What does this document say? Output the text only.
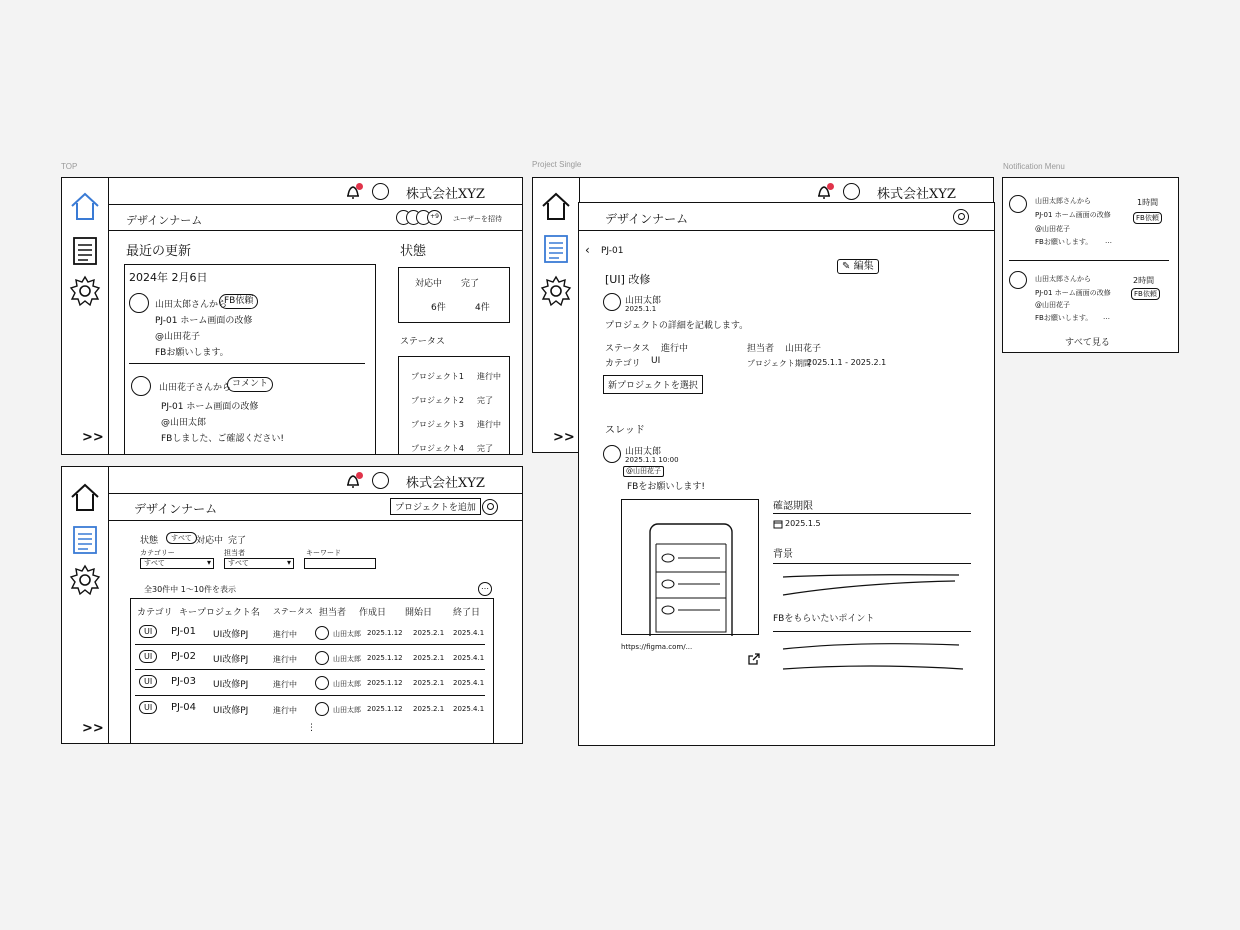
TOP	Project Single	Notification Menu
>>
株式会社XYZ
デザインナーム	+9	ユーザーを招待
最近の更新
2024年 2月6日
山田太郎さんから
FB依頼
PJ-01 ホーム画面の改修
@山田花子
FBお願いします。
山田花子さんから コメント
PJ-01 ホーム画面の改修
@山田太郎
FBしました、ご確認ください!
状態
対応中 完了
6件	4件
ステータス
プロジェクト1 進行中
プロジェクト2 完了
プロジェクト3 進行中
プロジェクト4 完了
>>
株式会社XYZ
デザインナーム	プロジェクトを追加
状態	すべて 対応中 完了
カテゴリー
すべて ▾
担当者
すべて ▾
キーワード
全30件中 1〜10件を表示	…
カテゴリ キー プロジェクト名 ステータス 担当者 作成日 開始日 終了日
UI	PJ-01 UI改修PJ	進行中	山田太郎 2025.1.12 2025.2.1 2025.4.1
UI	PJ-02 UI改修PJ	進行中	山田太郎 2025.1.12 2025.2.1 2025.4.1
UI	PJ-03 UI改修PJ	進行中	山田太郎 2025.1.12 2025.2.1 2025.4.1
UI	PJ-04 UI改修PJ	進行中	山田太郎 2025.1.12 2025.2.1 2025.4.1
⋮
>>
株式会社XYZ
デザインナーム
‹ PJ-01
✎ 編集
[UI] 改修
山田太郎
2025.1.1
プロジェクトの詳細を記載します。
ステータス 進行中
カテゴリ UI
担当者 山田花子
プロジェクト期間
2025.1.1 - 2025.2.1
新プロジェクトを選択
スレッド
山田太郎
2025.1.1 10:00
@山田花子
FBをお願いします!
https://figma.com/...
確認期限
2025.1.5
背景
FBをもらいたいポイント
山田太郎さんから	1時間
FB依頼
PJ-01 ホーム画面の改修
@山田花子
FBお願いします。 …
山田太郎さんから	2時間
FB依頼
PJ-01 ホーム画面の改修
@山田花子
FBお願いします。 …
すべて見る
